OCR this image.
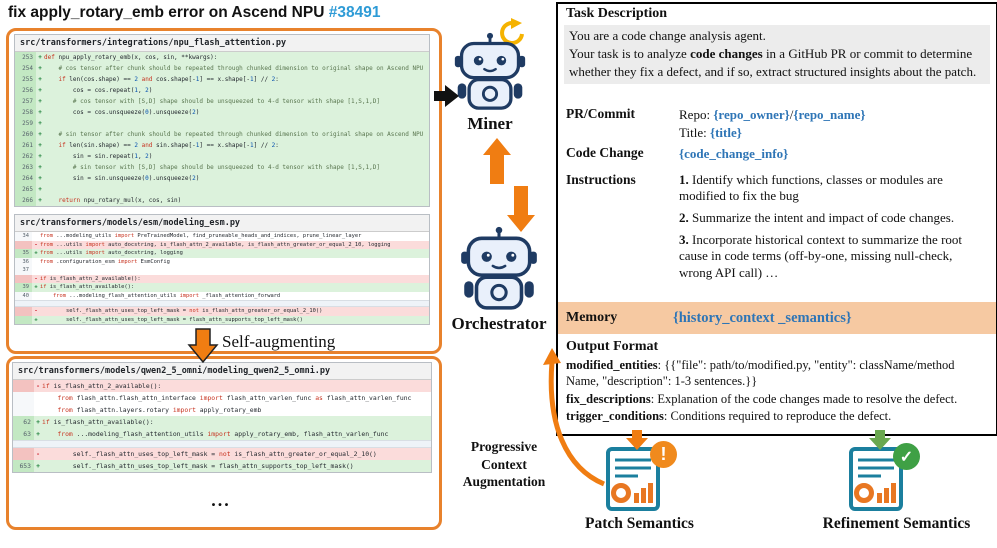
fix apply_rotary_emb error on Ascend NPU #38491
src/transformers/integrations/npu_flash_attention.py
253 + def npu_apply_rotary_emb(x, cos, sin, **kwargs):
254 + # cos tensor after chunk should be repeated through chunked dimension to original shape on Ascend NPU
255 +	if len(cos.shape) == 2 and cos.shape[-1] == x.shape[-1] // 2:
256 + cos = cos.repeat(1, 2)
257 + # cos tensor with [S,D] shape should be unsqueezed to 4-d tensor with shape [1,S,1,D]
258 + cos = cos.unsqueeze(0).unsqueeze(2)
259 +
260 + # sin tensor after chunk should be repeated through chunked dimension to original shape on Ascend NPU
261 +	if len(sin.shape) == 2 and sin.shape[-1] == x.shape[-1] // 2:
262 + sin = sin.repeat(1, 2)
263 + # sin tensor with [S,D] shape should be unsqueezed to 4-d tensor with shape [1,S,1,D]
264 + sin = sin.unsqueeze(0).unsqueeze(2)
265 +
266 +	return npu_rotary_mul(x, cos, sin)
src/transformers/models/esm/modeling_esm.py
34
	from ...modeling_utils import PreTrainedModel, find_pruneable_heads_and_indices, prune_linear_layer
- from ...utils import auto_docstring, is_flash_attn_2_available, is_flash_attn_greater_or_equal_2_10, logging
35 + from ...utils import auto_docstring, logging
36
	from .configuration_esm import EsmConfig
37

- if is_flash_attn_2_available():
39 + if is_flash_attn_available():
40
	from ...modeling_flash_attention_utils import _flash_attention_forward
- self._flash_attn_uses_top_left_mask = not is_flash_attn_greater_or_equal_2_10()
+ self._flash_attn_uses_top_left_mask = flash_attn_supports_top_left_mask()
src/transformers/models/qwen2_5_omni/modeling_qwen2_5_omni.py
- if is_flash_attn_2_available():

from flash_attn.flash_attn_interface import flash_attn_varlen_func as flash_attn_varlen_func

from flash_attn.layers.rotary import apply_rotary_emb
62 + if is_flash_attn_available():
63 +	from ...modeling_flash_attention_utils import apply_rotary_emb, flash_attn_varlen_func
- self._flash_attn_uses_top_left_mask = not is_flash_attn_greater_or_equal_2_10()
653 + self._flash_attn_uses_top_left_mask = flash_attn_supports_top_left_mask()
Self-augmenting
...
Miner
Orchestrator
Progressive Context Augmentation
Task Description
You are a code change analysis agent.
Your task is to analyze code changes in a GitHub PR or commit to determine whether they fix a defect, and if so, extract structured insights about the patch.
PR/Commit	Repo: {repo_owner}/{repo_name}
Title: {title}
Code Change	{code_change_info}
Instructions	1. Identify which functions, classes or modules are modified to fix the bug
2. Summarize the intent and impact of code changes.
3. Incorporate historical context to summarize the root cause in code terms (off-by-one, missing null-check, wrong API call) …
Memory	{history_context _semantics}
Output Format
modified_entities: {{"file": path/to/modified.py, "entity": className/method Name, "description": 1-3 sentences.}}
fix_descriptions: Explanation of the code changes made to resolve the defect.
trigger_conditions: Conditions required to reproduce the defect.
!
Patch Semantics
✓
Refinement Semantics
